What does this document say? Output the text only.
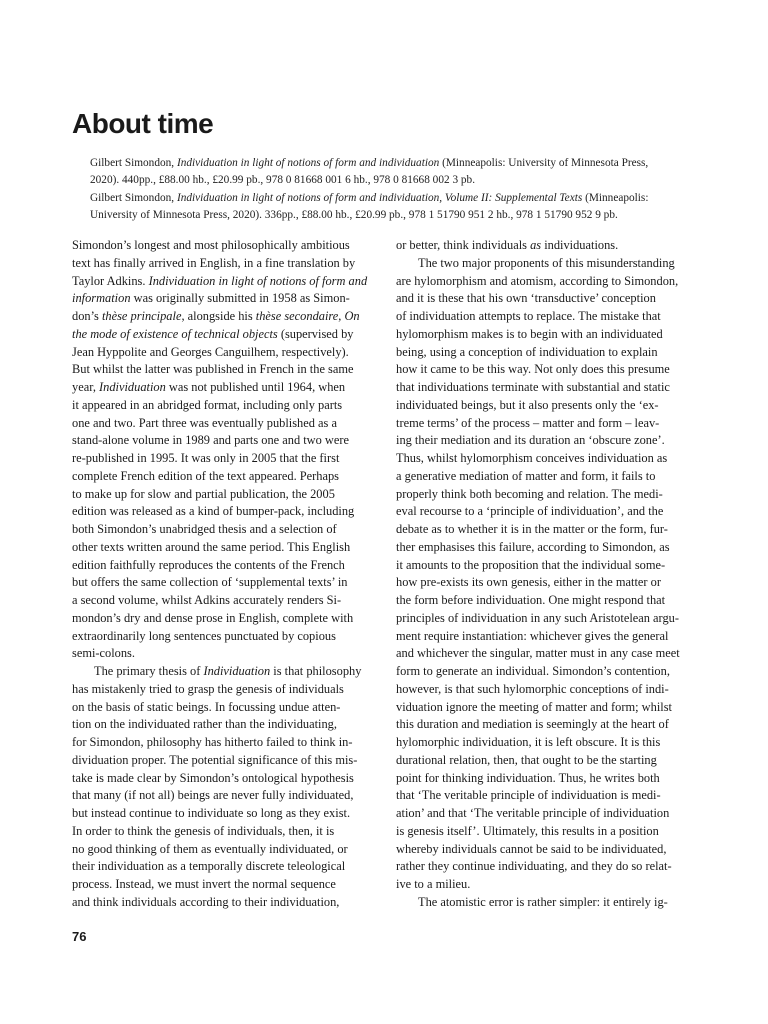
About time

Gilbert Simondon, Individuation in light of notions of form and individuation (Minneapolis: University of Minnesota Press,

2020). 440pp., £88.00 hb., £20.99 pb., 978 0 81668 001 6 hb., 978 0 81668 002 3 pb.

Gilbert Simondon, Individuation in light of notions of form and individuation, Volume II: Supplemental Texts (Minneapolis:

University of Minnesota Press, 2020). 336pp., £88.00 hb., £20.99 pb., 978 1 51790 951 2 hb., 978 1 51790 952 9 pb.

Simondon’s longest and most philosophically ambitious

text has finally arrived in English, in a fine translation by

Taylor Adkins. Individuation in light of notions of form and

information was originally submitted in 1958 as Simon-

don’s thèse principale, alongside his thèse secondaire, On

the mode of existence of technical objects (supervised by

Jean Hyppolite and Georges Canguilhem, respectively).

But whilst the latter was published in French in the same

year, Individuation was not published until 1964, when

it appeared in an abridged format, including only parts

one and two. Part three was eventually published as a

stand-alone volume in 1989 and parts one and two were

re-published in 1995. It was only in 2005 that the first

complete French edition of the text appeared. Perhaps

to make up for slow and partial publication, the 2005

edition was released as a kind of bumper-pack, including

both Simondon’s unabridged thesis and a selection of

other texts written around the same period. This English

edition faithfully reproduces the contents of the French

but offers the same collection of ‘supplemental texts’ in

a second volume, whilst Adkins accurately renders Si-

mondon’s dry and dense prose in English, complete with

extraordinarily long sentences punctuated by copious

semi-colons.

The primary thesis of Individuation is that philosophy

has mistakenly tried to grasp the genesis of individuals

on the basis of static beings. In focussing undue atten-

tion on the individuated rather than the individuating,

for Simondon, philosophy has hitherto failed to think in-

dividuation proper. The potential significance of this mis-

take is made clear by Simondon’s ontological hypothesis

that many (if not all) beings are never fully individuated,

but instead continue to individuate so long as they exist.

In order to think the genesis of individuals, then, it is

no good thinking of them as eventually individuated, or

their individuation as a temporally discrete teleological

process. Instead, we must invert the normal sequence

and think individuals according to their individuation,

or better, think individuals as individuations.

The two major proponents of this misunderstanding

are hylomorphism and atomism, according to Simondon,

and it is these that his own ‘transductive’ conception

of individuation attempts to replace. The mistake that

hylomorphism makes is to begin with an individuated

being, using a conception of individuation to explain

how it came to be this way. Not only does this presume

that individuations terminate with substantial and static

individuated beings, but it also presents only the ‘ex-

treme terms’ of the process – matter and form – leav-

ing their mediation and its duration an ‘obscure zone’.

Thus, whilst hylomorphism conceives individuation as

a generative mediation of matter and form, it fails to

properly think both becoming and relation. The medi-

eval recourse to a ‘principle of individuation’, and the

debate as to whether it is in the matter or the form, fur-

ther emphasises this failure, according to Simondon, as

it amounts to the proposition that the individual some-

how pre-exists its own genesis, either in the matter or

the form before individuation. One might respond that

principles of individuation in any such Aristotelean argu-

ment require instantiation: whichever gives the general

and whichever the singular, matter must in any case meet

form to generate an individual. Simondon’s contention,

however, is that such hylomorphic conceptions of indi-

viduation ignore the meeting of matter and form; whilst

this duration and mediation is seemingly at the heart of

hylomorphic individuation, it is left obscure. It is this

durational relation, then, that ought to be the starting

point for thinking individuation. Thus, he writes both

that ‘The veritable principle of individuation is medi-

ation’ and that ‘The veritable principle of individuation

is genesis itself’. Ultimately, this results in a position

whereby individuals cannot be said to be individuated,

rather they continue individuating, and they do so relat-

ive to a milieu.

The atomistic error is rather simpler: it entirely ig-

76
